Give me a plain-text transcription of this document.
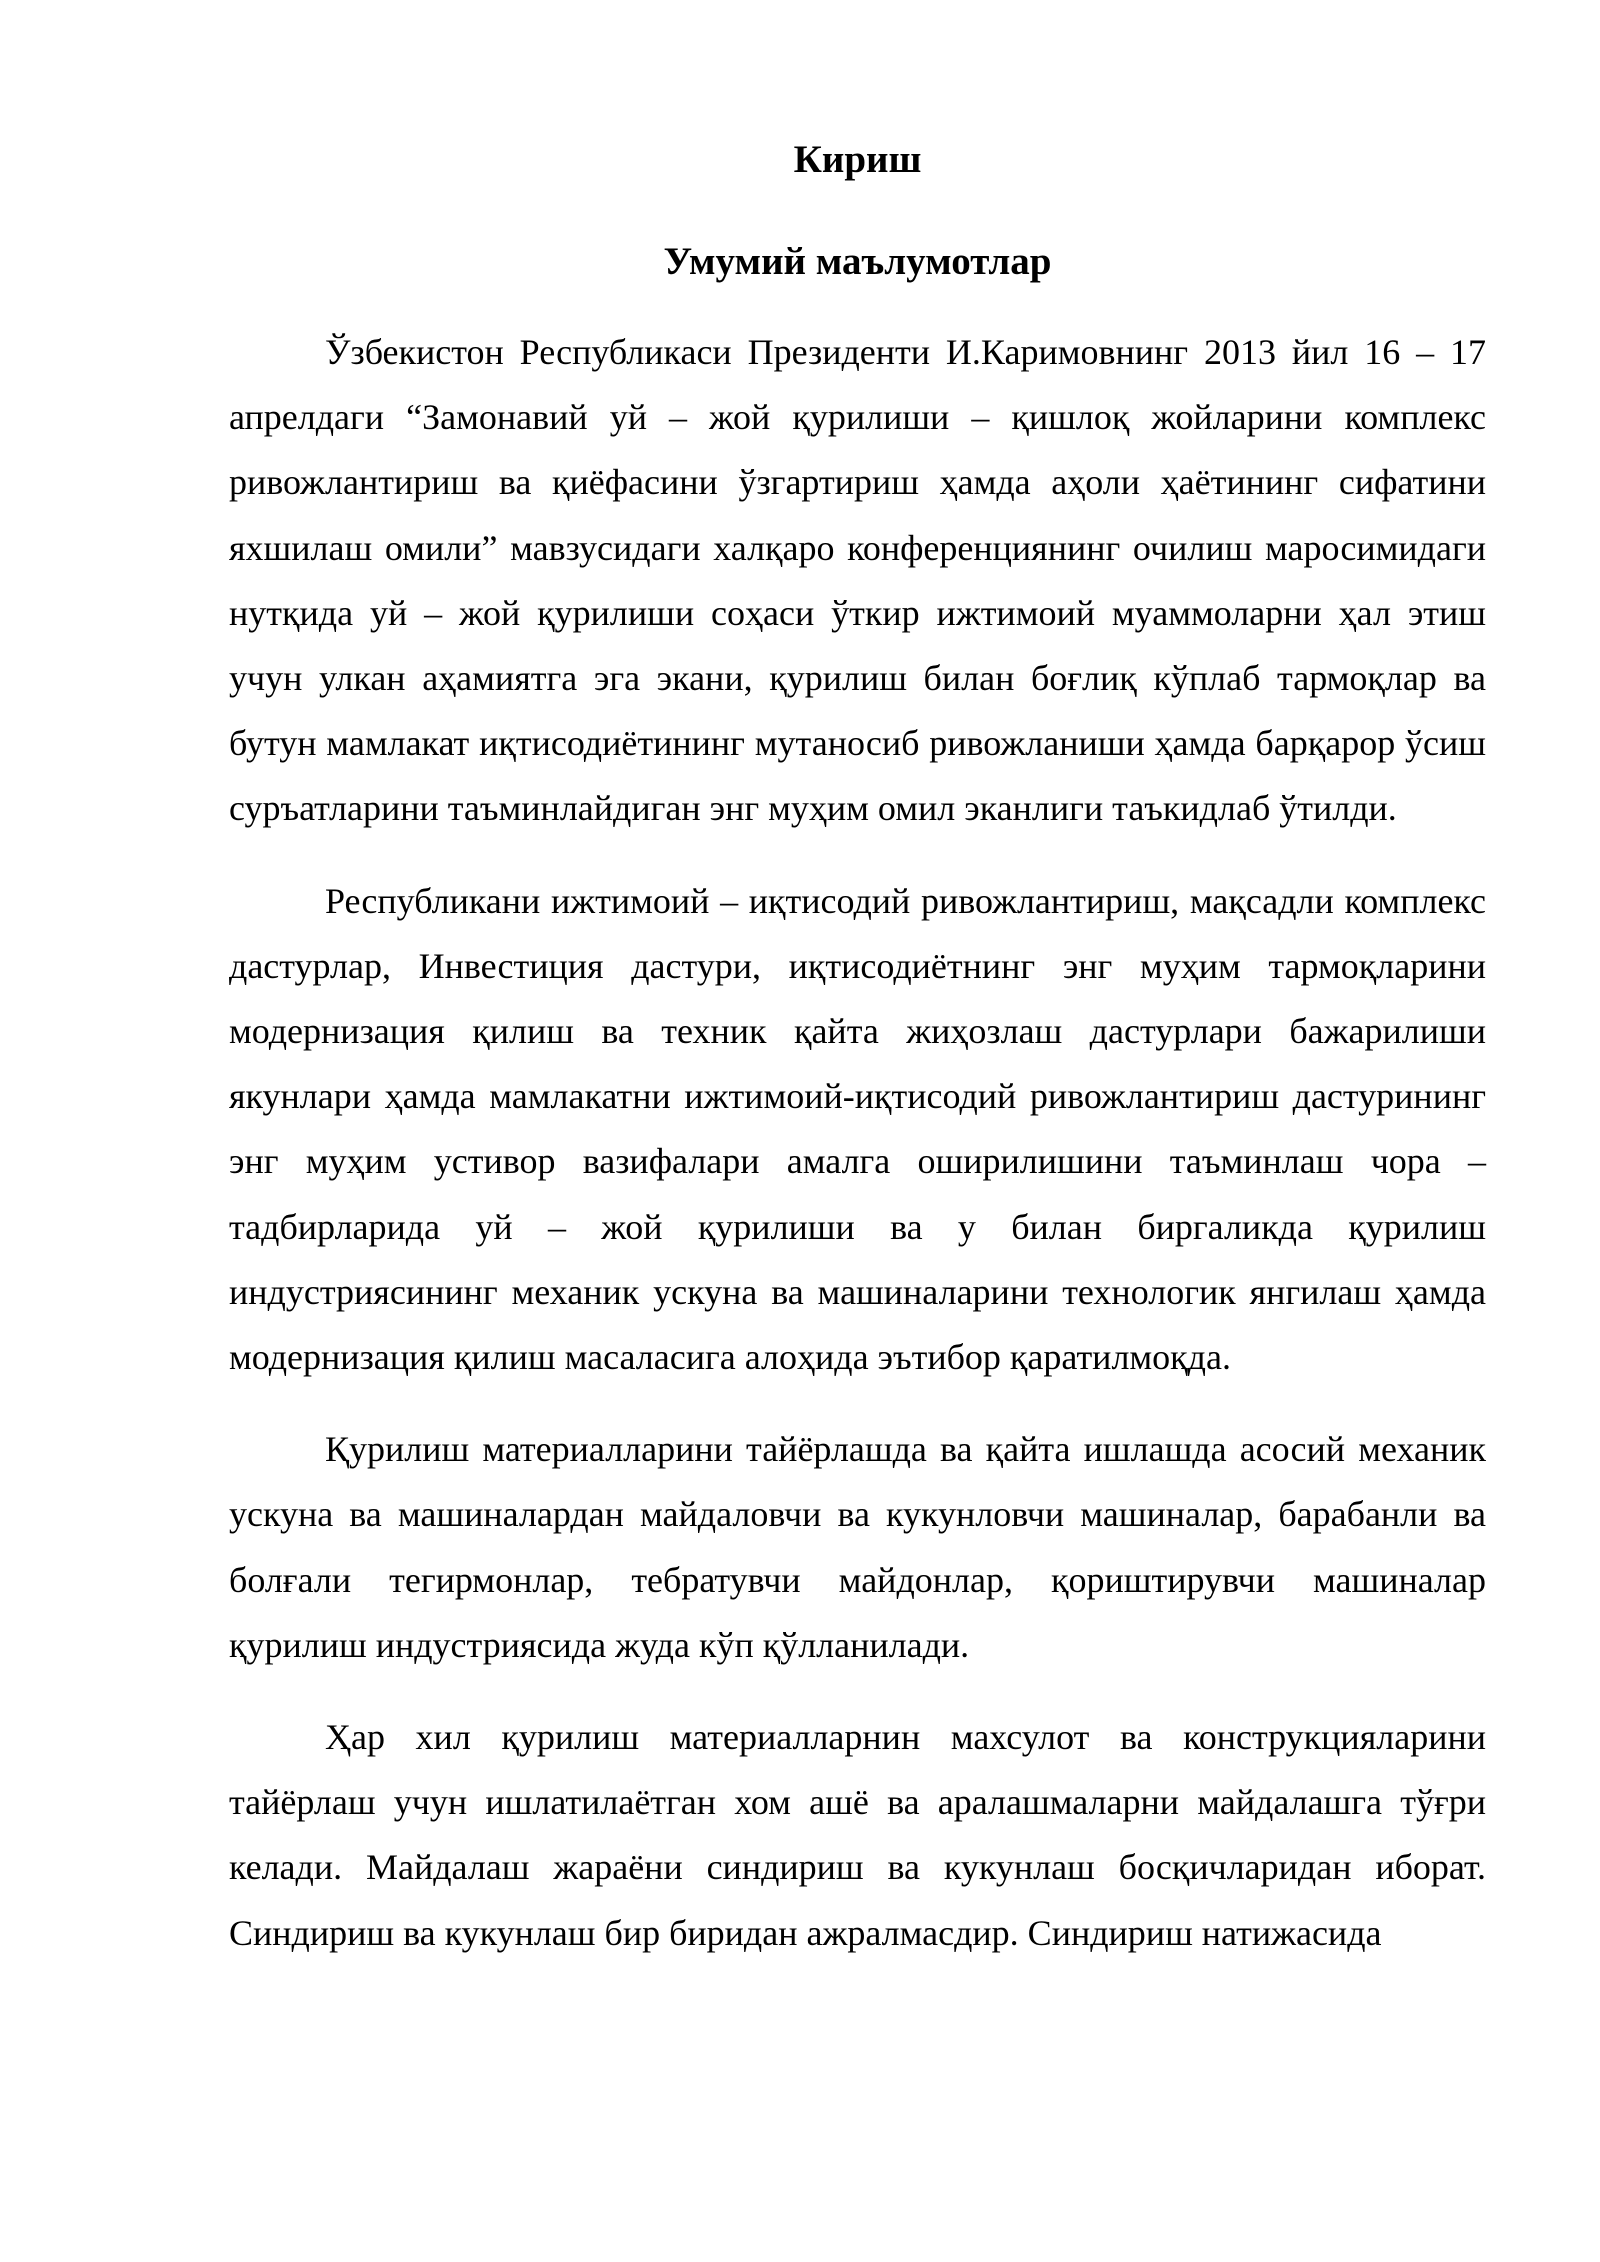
Кириш
Умумий маълумотлар

Ўзбекистон Республикаси Президенти И.Каримовнинг 2013 йил 16 – 17 апрелдаги “Замонавий уй – жой қурилиши – қишлоқ жойларини комплекс ривожлантириш ва қиёфасини ўзгартириш ҳамда аҳоли ҳаётининг сифатини яхшилаш омили” мавзусидаги халқаро конференциянинг очилиш маросимидаги нутқида уй – жой қурилиши соҳаси ўткир ижтимоий муаммоларни ҳал этиш учун улкан аҳамиятга эга экани, қурилиш билан боғлиқ кўплаб тармоқлар ва бутун мамлакат иқтисодиётининг мутаносиб ривожланиши ҳамда барқарор ўсиш суръатларини таъминлайдиган энг муҳим омил эканлиги таъкидлаб ўтилди.

Республикани ижтимоий – иқтисодий ривожлантириш, мақсадли комплекс дастурлар, Инвестиция дастури, иқтисодиётнинг энг муҳим тармоқларини модернизация қилиш ва техник қайта жиҳозлаш дастурлари бажарилиши якунлари ҳамда мамлакатни ижтимоий-иқтисодий ривожлантириш дастурининг энг муҳим устивор вазифалари амалга оширилишини таъминлаш чора – тадбирларида уй – жой қурилиши ва у билан биргаликда қурилиш индустриясининг механик ускуна ва машиналарини технологик янгилаш ҳамда модернизация қилиш масаласига алоҳида эътибор қаратилмоқда.

Қурилиш материалларини тайёрлашда ва қайта ишлашда асосий механик ускуна ва машиналардан майдаловчи ва кукунловчи машиналар, барабанли ва болғали тегирмонлар, тебратувчи майдонлар, қориштирувчи машиналар қурилиш индустриясида жуда кўп қўлланилади.

Ҳар хил қурилиш материалларнин махсулот ва конструкцияларини тайёрлаш учун ишлатилаётган хом ашё ва аралашмаларни майдалашга тўғри келади. Майдалаш жараёни синдириш ва кукунлаш босқичларидан иборат. Синдириш ва кукунлаш бир биридан ажралмасдир. Синдириш натижасида
